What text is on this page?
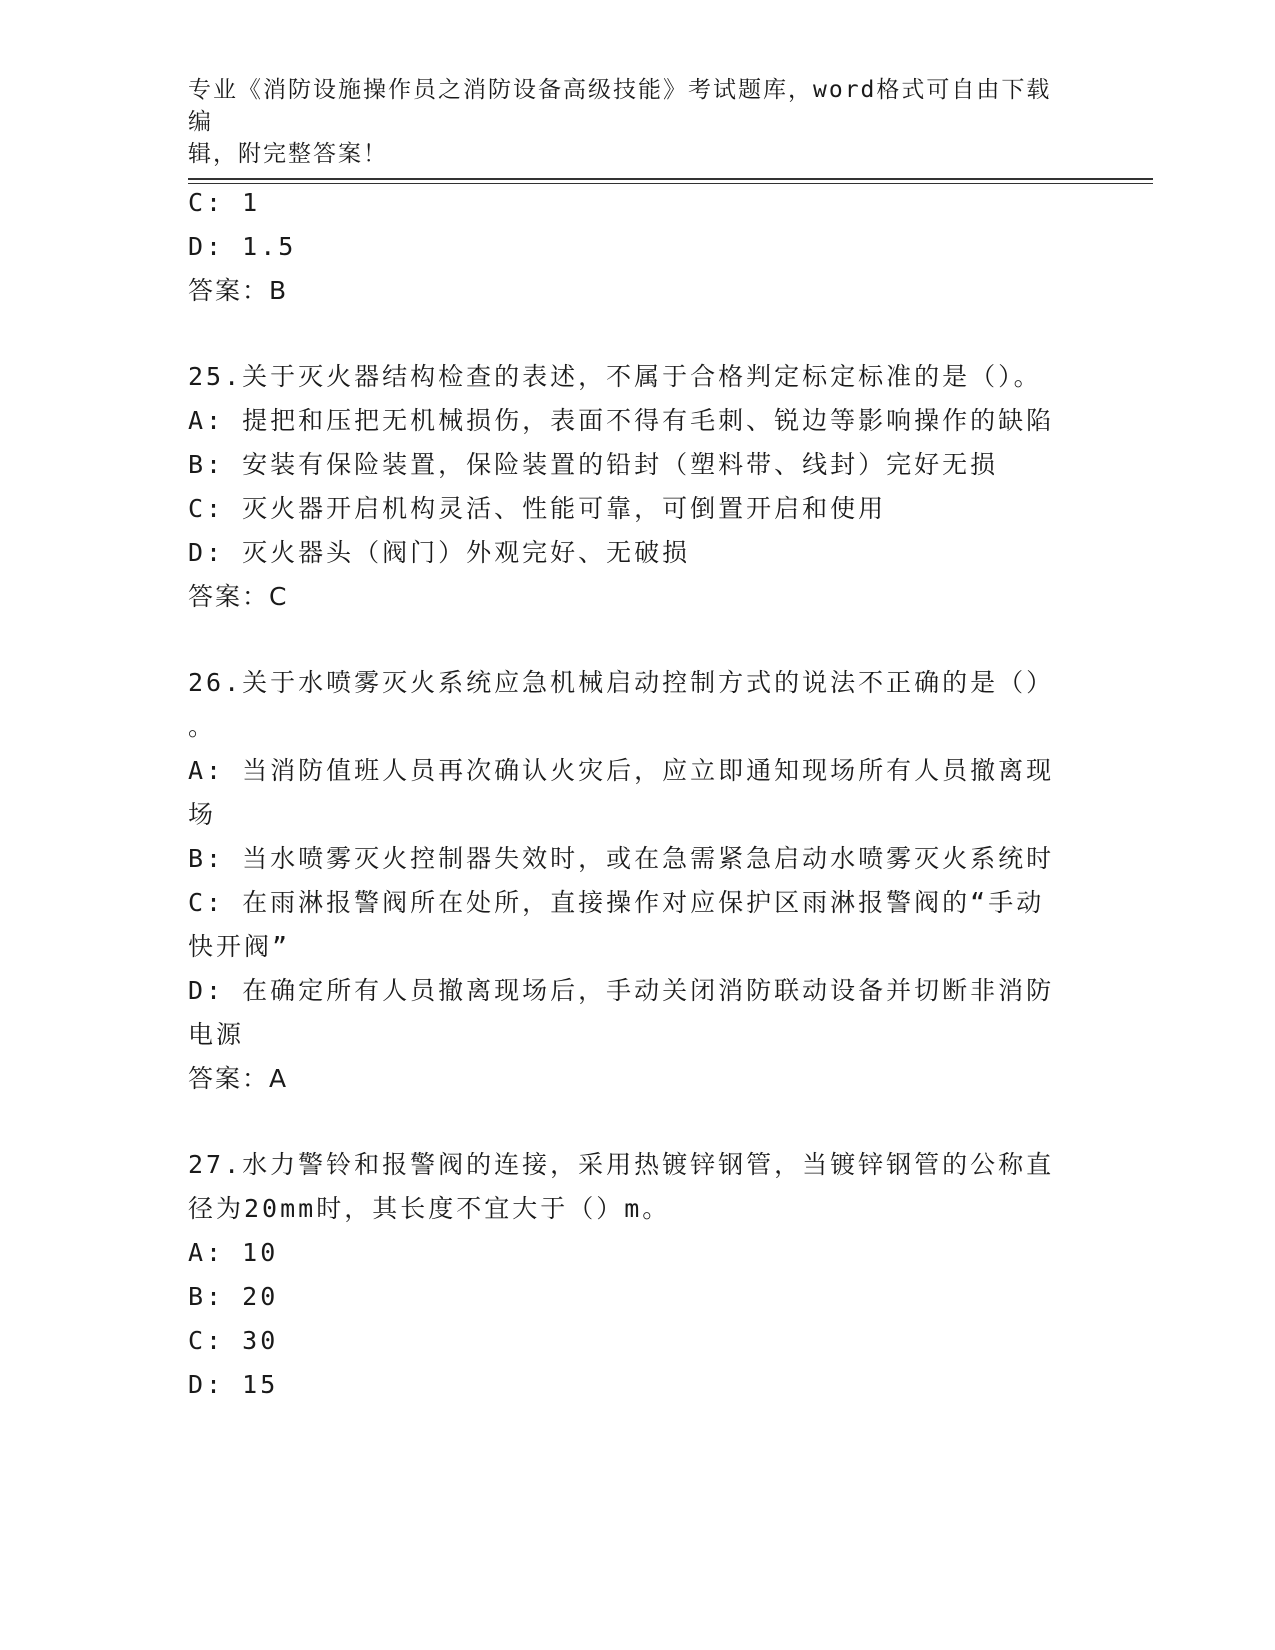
专业《消防设施操作员之消防设备高级技能》考试题库，word格式可自由下载编
辑，附完整答案！
C: 1
D: 1.5
答案：B
25.关于灭火器结构检查的表述，不属于合格判定标定标准的是（）。
A: 提把和压把无机械损伤，表面不得有毛刺、锐边等影响操作的缺陷
B: 安装有保险装置，保险装置的铅封（塑料带、线封）完好无损
C: 灭火器开启机构灵活、性能可靠，可倒置开启和使用
D: 灭火器头（阀门）外观完好、无破损
答案：C
26.关于水喷雾灭火系统应急机械启动控制方式的说法不正确的是（）
。
A: 当消防值班人员再次确认火灾后，应立即通知现场所有人员撤离现
场
B: 当水喷雾灭火控制器失效时，或在急需紧急启动水喷雾灭火系统时
C: 在雨淋报警阀所在处所，直接操作对应保护区雨淋报警阀的“手动
快开阀”
D: 在确定所有人员撤离现场后，手动关闭消防联动设备并切断非消防
电源
答案：A
27.水力警铃和报警阀的连接，采用热镀锌钢管，当镀锌钢管的公称直
径为20mm时，其长度不宜大于（）m。
A: 10
B: 20
C: 30
D: 15
